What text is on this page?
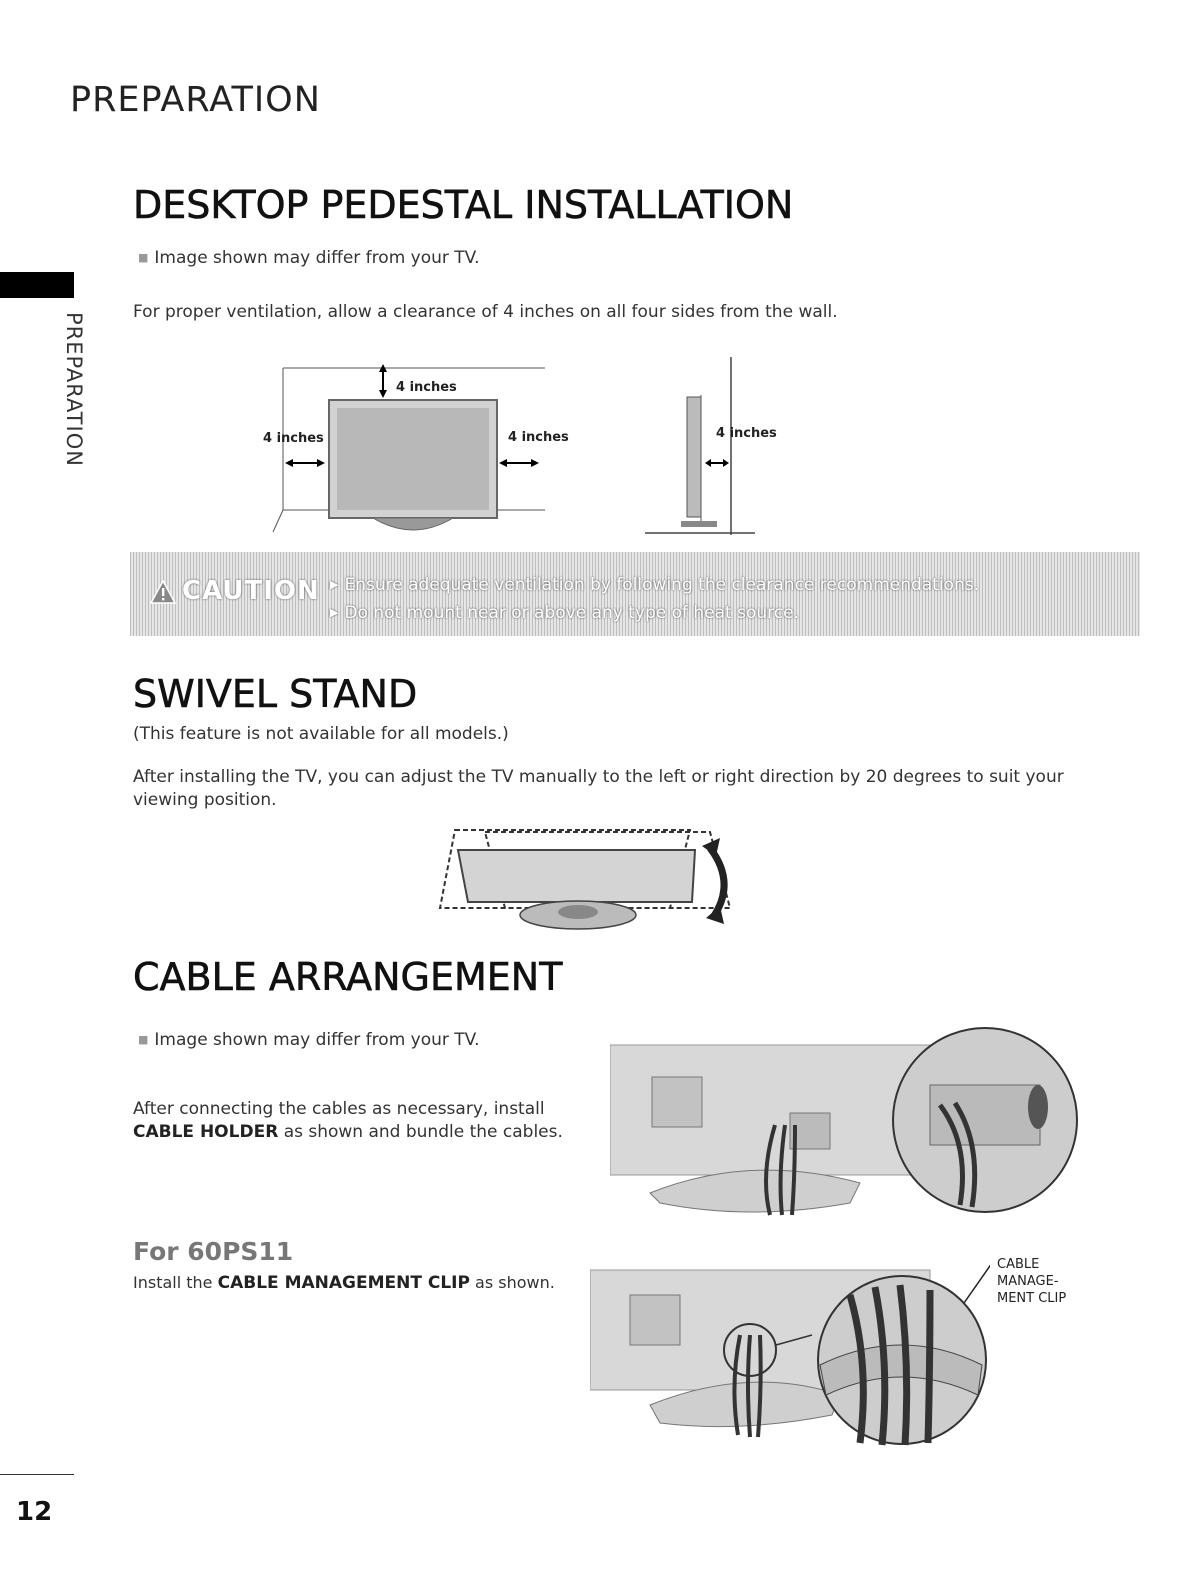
PREPARATION
PREPARATION
12
DESKTOP PEDESTAL INSTALLATION
■ Image shown may differ from your TV.
For proper ventilation, allow a clearance of 4 inches on all four sides from the wall.
4 inches
4 inches	4 inches	4 inches
CAUTION
▶	Ensure adequate ventilation by following the clearance recommendations.
▶ Do not mount near or above any type of heat source.
SWIVEL STAND
(This feature is not available for all models.)
After installing the TV, you can adjust the TV manually to the left or right direction by 20 degrees to suit your viewing position.
CABLE ARRANGEMENT
■ Image shown may differ from your TV.
After connecting the cables as necessary, install CABLE HOLDER as shown and bundle the cables.
For 60PS11
Install the CABLE MANAGEMENT CLIP as shown.
CABLE
MANAGE-
MENT CLIP
